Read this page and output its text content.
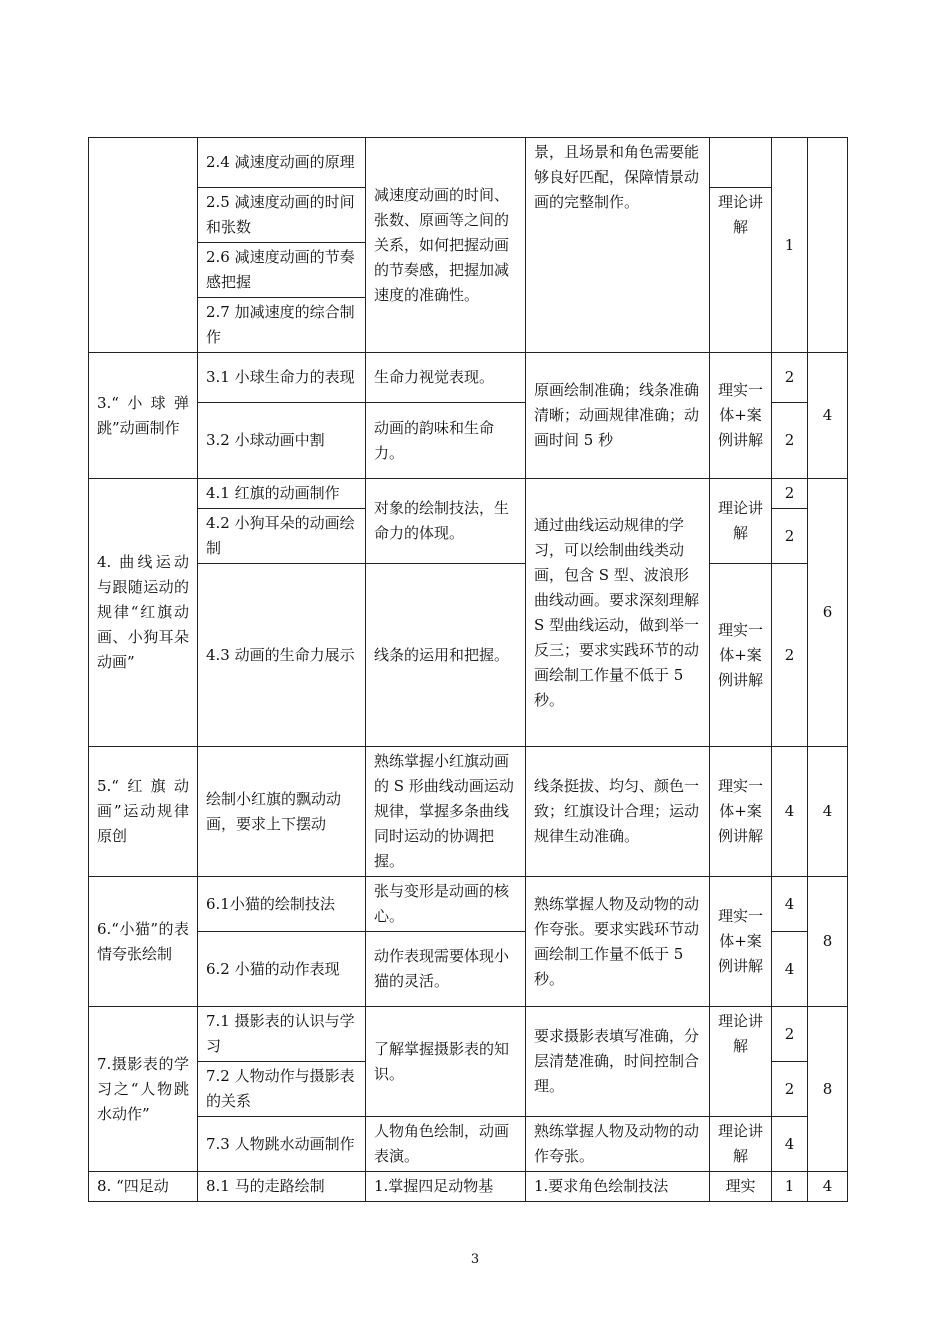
	2.4 减速度动画的原理	减速度动画的时间、张数、原画等之间的关系，如何把握动画的节奏感，把握加减速度的准确性。	景，且场景和角色需要能够良好匹配，保障情景动画的完整制作。		1	
	2.5 减速度动画的时间和张数			理论讲解		
	2.6 减速度动画的节奏感把握					
	2.7 加减速度的综合制作					
3.“小球弹跳”动画制作	3.1 小球生命力的表现	生命力视觉表现。	原画绘制准确；线条准确清晰；动画规律准确；动画时间 5 秒	理实一体+案例讲解	2	4
	3.2 小球动画中割	动画的韵味和生命力。			2	
4. 曲线运动与跟随运动的规律“红旗动画、小狗耳朵动画”	4.1 红旗的动画制作	对象的绘制技法，生命力的体现。	通过曲线运动规律的学习，可以绘制曲线类动画，包含 S 型、波浪形曲线动画。要求深刻理解 S 型曲线运动，做到举一反三；要求实践环节的动画绘制工作量不低于 5 秒。	理论讲解	2	6
	4.2 小狗耳朵的动画绘制				2	
	4.3 动画的生命力展示	线条的运用和把握。		理实一体+案例讲解	2	
5.“红旗动画”运动规律原创	绘制小红旗的飘动动画，要求上下摆动	熟练掌握小红旗动画的 S 形曲线动画运动规律，掌握多条曲线同时运动的协调把握。	线条挺拔、均匀、颜色一致；红旗设计合理；运动规律生动准确。	理实一体+案例讲解	4	4
6.“小猫”的表情夸张绘制	6.1小猫的绘制技法	张与变形是动画的核心。	熟练掌握人物及动物的动作夸张。要求实践环节动画绘制工作量不低于 5 秒。	理实一体+案例讲解	4	8
	6.2 小猫的动作表现	动作表现需要体现小猫的灵活。			4	
7.摄影表的学习之“人物跳水动作”	7.1 摄影表的认识与学习	了解掌握摄影表的知识。	要求摄影表填写准确，分层清楚准确，时间控制合理。	理论讲解	2	8
	7.2 人物动作与摄影表的关系				2	
	7.3 人物跳水动画制作	人物角色绘制，动画表演。	熟练掌握人物及动物的动作夸张。	理论讲解	4	
8. “四足动	8.1 马的走路绘制	1.掌握四足动物基	1.要求角色绘制技法	理实	1	4
3
